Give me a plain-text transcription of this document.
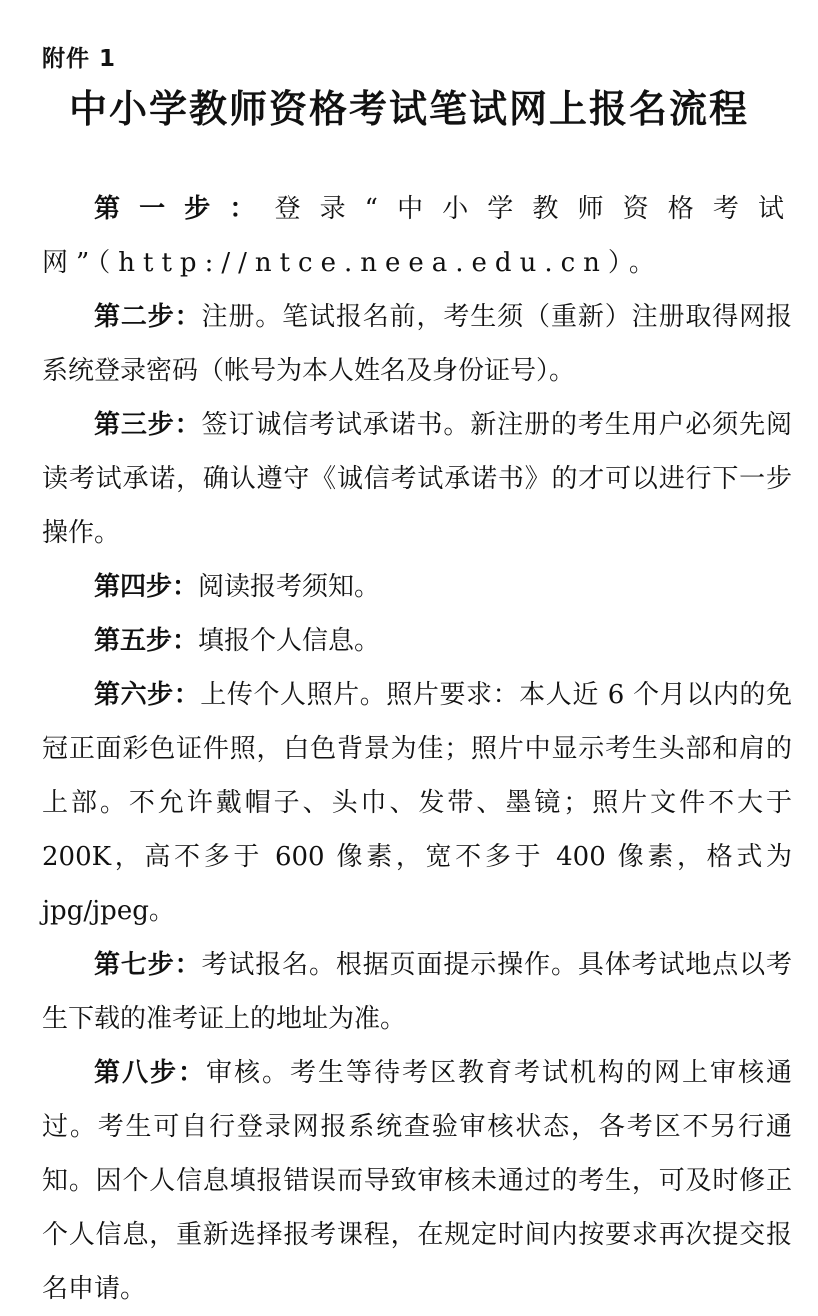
附件 1
中小学教师资格考试笔试网上报名流程

第一步：登录“中小学教师资格考试网”（http://ntce.neea.edu.cn）。

第二步：注册。笔试报名前，考生须（重新）注册取得网报系统登录密码（帐号为本人姓名及身份证号）。

第三步：签订诚信考试承诺书。新注册的考生用户必须先阅读考试承诺，确认遵守《诚信考试承诺书》的才可以进行下一步操作。

第四步：阅读报考须知。

第五步：填报个人信息。

第六步：上传个人照片。照片要求：本人近 6 个月以内的免冠正面彩色证件照，白色背景为佳；照片中显示考生头部和肩的上部。不允许戴帽子、头巾、发带、墨镜；照片文件不大于 200K，高不多于 600 像素，宽不多于 400 像素，格式为 jpg/jpeg。

第七步：考试报名。根据页面提示操作。具体考试地点以考生下载的准考证上的地址为准。

第八步：审核。考生等待考区教育考试机构的网上审核通过。考生可自行登录网报系统查验审核状态，各考区不另行通知。因个人信息填报错误而导致审核未通过的考生，可及时修正个人信息，重新选择报考课程，在规定时间内按要求再次提交报名申请。
